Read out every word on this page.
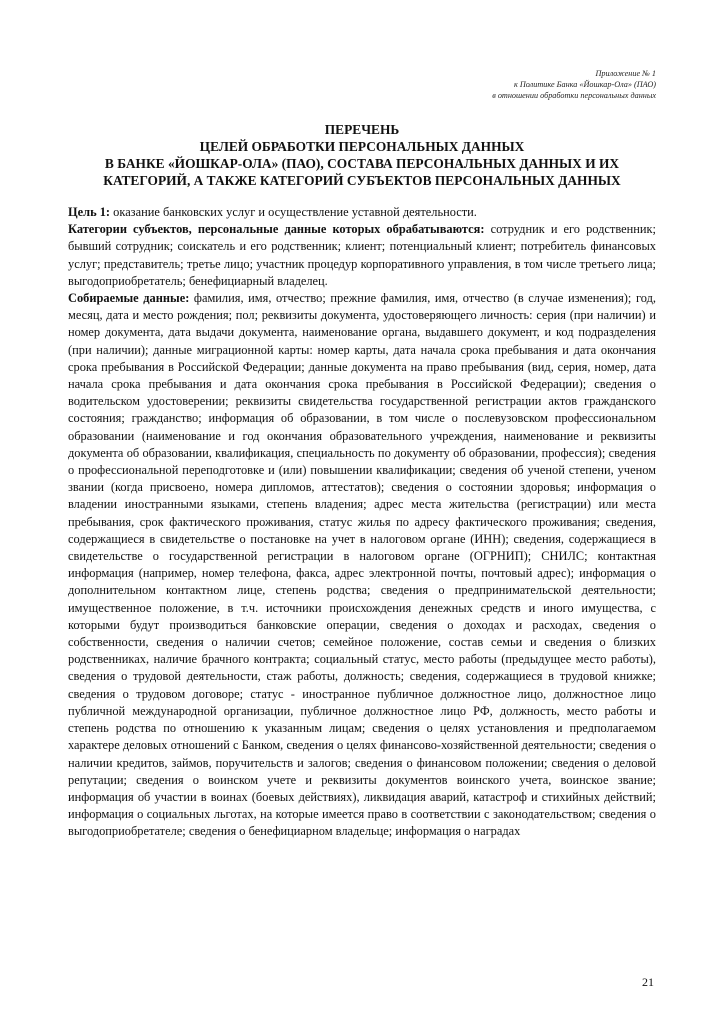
Приложение № 1
к Политике Банка «Йошкар-Ола» (ПАО)
в отношении обработки персональных данных
ПЕРЕЧЕНЬ
ЦЕЛЕЙ ОБРАБОТКИ ПЕРСОНАЛЬНЫХ ДАННЫХ
В БАНКЕ «ЙОШКАР-ОЛА» (ПАО), СОСТАВА ПЕРСОНАЛЬНЫХ ДАННЫХ И ИХ
КАТЕГОРИЙ, А ТАКЖЕ КАТЕГОРИЙ СУБЪЕКТОВ ПЕРСОНАЛЬНЫХ ДАННЫХ

Цель 1: оказание банковских услуг и осуществление уставной деятельности.

Категории субъектов, персональные данные которых обрабатываются: сотрудник и его родственник; бывший сотрудник; соискатель и его родственник; клиент; потенциальный клиент; потребитель финансовых услуг; представитель; третье лицо; участник процедур корпоративного управления, в том числе третьего лица; выгодоприобретатель; бенефициарный владелец.

Собираемые данные: фамилия, имя, отчество; прежние фамилия, имя, отчество (в случае изменения); год, месяц, дата и место рождения; пол; реквизиты документа, удостоверяющего личность: серия (при наличии) и номер документа, дата выдачи документа, наименование органа, выдавшего документ, и код подразделения (при наличии); данные миграционной карты: номер карты, дата начала срока пребывания и дата окончания срока пребывания в Российской Федерации; данные документа на право пребывания (вид, серия, номер, дата начала срока пребывания и дата окончания срока пребывания в Российской Федерации); сведения о водительском удостоверении; реквизиты свидетельства государственной регистрации актов гражданского состояния; гражданство; информация об образовании, в том числе о послевузовском профессиональном образовании (наименование и год окончания образовательного учреждения, наименование и реквизиты документа об образовании, квалификация, специальность по документу об образовании, профессия); сведения о профессиональной переподготовке и (или) повышении квалификации; сведения об ученой степени, ученом звании (когда присвоено, номера дипломов, аттестатов); сведения о состоянии здоровья; информация о владении иностранными языками, степень владения; адрес места жительства (регистрации) или места пребывания, срок фактического проживания, статус жилья по адресу фактического проживания; сведения, содержащиеся в свидетельстве о постановке на учет в налоговом органе (ИНН); сведения, содержащиеся в свидетельстве о государственной регистрации в налоговом органе (ОГРНИП); СНИЛС; контактная информация (например, номер телефона, факса, адрес электронной почты, почтовый адрес); информация о дополнительном контактном лице, степень родства; сведения о предпринимательской деятельности; имущественное положение, в т.ч. источники происхождения денежных средств и иного имущества, с которыми будут производиться банковские операции, сведения о доходах и расходах, сведения о собственности, сведения о наличии счетов; семейное положение, состав семьи и сведения о близких родственниках, наличие брачного контракта; социальный статус, место работы (предыдущее место работы), сведения о трудовой деятельности, стаж работы, должность; сведения, содержащиеся в трудовой книжке; сведения о трудовом договоре; статус - иностранное публичное должностное лицо, должностное лицо публичной международной организации, публичное должностное лицо РФ, должность, место работы и степень родства по отношению к указанным лицам; сведения о целях установления и предполагаемом характере деловых отношений с Банком, сведения о целях финансово-хозяйственной деятельности; сведения о наличии кредитов, займов, поручительств и залогов; сведения о финансовом положении; сведения о деловой репутации; сведения о воинском учете и реквизиты документов воинского учета, воинское звание; информация об участии в воинах (боевых действиях), ликвидация аварий, катастроф и стихийных действий; информация о социальных льготах, на которые имеется право в соответствии с законодательством; сведения о выгодоприобретателе; сведения о бенефициарном владельце; информация о наградах

21
